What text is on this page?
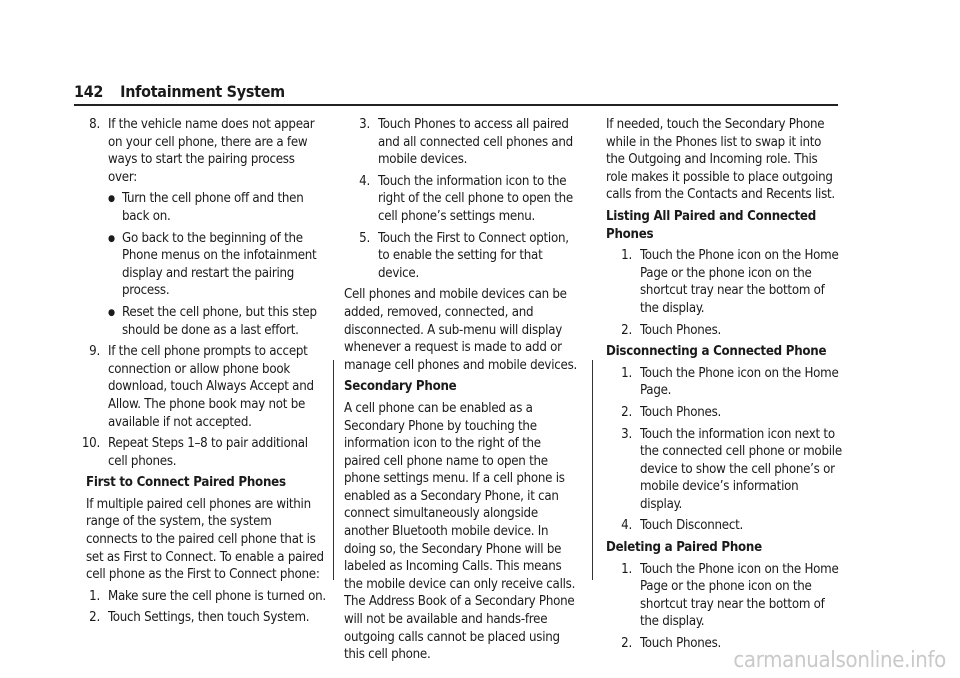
142 Infotainment System
8. If the vehicle name does not appear on your cell phone, there are a few ways to start the pairing process over:
● Turn the cell phone off and then back on.
● Go back to the beginning of the Phone menus on the infotainment display and restart the pairing process.
● Reset the cell phone, but this step should be done as a last effort.
9. If the cell phone prompts to accept connection or allow phone book download, touch Always Accept and Allow. The phone book may not be available if not accepted.
10. Repeat Steps 1–8 to pair additional cell phones.
First to Connect Paired Phones
If multiple paired cell phones are within range of the system, the system connects to the paired cell phone that is set as First to Connect. To enable a paired cell phone as the First to Connect phone:
1. Make sure the cell phone is turned on.
2. Touch Settings, then touch System.
3. Touch Phones to access all paired and all connected cell phones and mobile devices.
4. Touch the information icon to the right of the cell phone to open the cell phone’s settings menu.
5. Touch the First to Connect option, to enable the setting for that device.
Cell phones and mobile devices can be added, removed, connected, and disconnected. A sub-menu will display whenever a request is made to add or manage cell phones and mobile devices.
Secondary Phone
A cell phone can be enabled as a Secondary Phone by touching the information icon to the right of the paired cell phone name to open the phone settings menu. If a cell phone is enabled as a Secondary Phone, it can connect simultaneously alongside another Bluetooth mobile device. In doing so, the Secondary Phone will be labeled as Incoming Calls. This means the mobile device can only receive calls. The Address Book of a Secondary Phone will not be available and hands-free outgoing calls cannot be placed using this cell phone.
If needed, touch the Secondary Phone while in the Phones list to swap it into the Outgoing and Incoming role. This role makes it possible to place outgoing calls from the Contacts and Recents list.
Listing All Paired and Connected Phones
1. Touch the Phone icon on the Home Page or the phone icon on the shortcut tray near the bottom of the display.
2. Touch Phones.
Disconnecting a Connected Phone
1. Touch the Phone icon on the Home Page.
2. Touch Phones.
3. Touch the information icon next to the connected cell phone or mobile device to show the cell phone’s or mobile device’s information display.
4. Touch Disconnect.
Deleting a Paired Phone
1. Touch the Phone icon on the Home Page or the phone icon on the shortcut tray near the bottom of the display.
2. Touch Phones.
carmanualsonline.info
